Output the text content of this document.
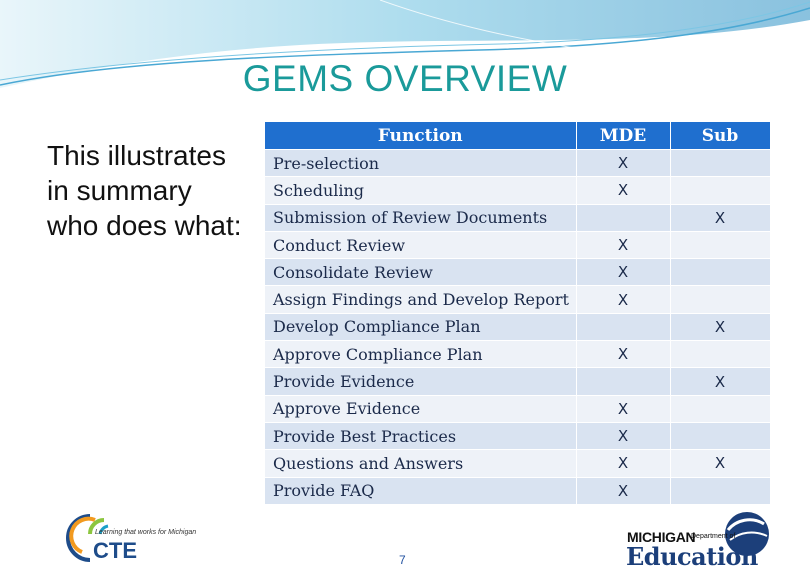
GEMS OVERVIEW
This illustrates in summary who does what:
Function	MDE	Sub
Pre-selection	X	
Scheduling	X	
Submission of Review Documents		X
Conduct Review	X	
Consolidate Review	X	
Assign Findings and Develop Report	X	
Develop Compliance Plan		X
Approve Compliance Plan	X	
Provide Evidence		X
Approve Evidence	X	
Provide Best Practices	X	
Questions and Answers	X	X
Provide FAQ	X	
Learning that works for Michigan
CTE	7
MICHIGAN
Department of
Education
